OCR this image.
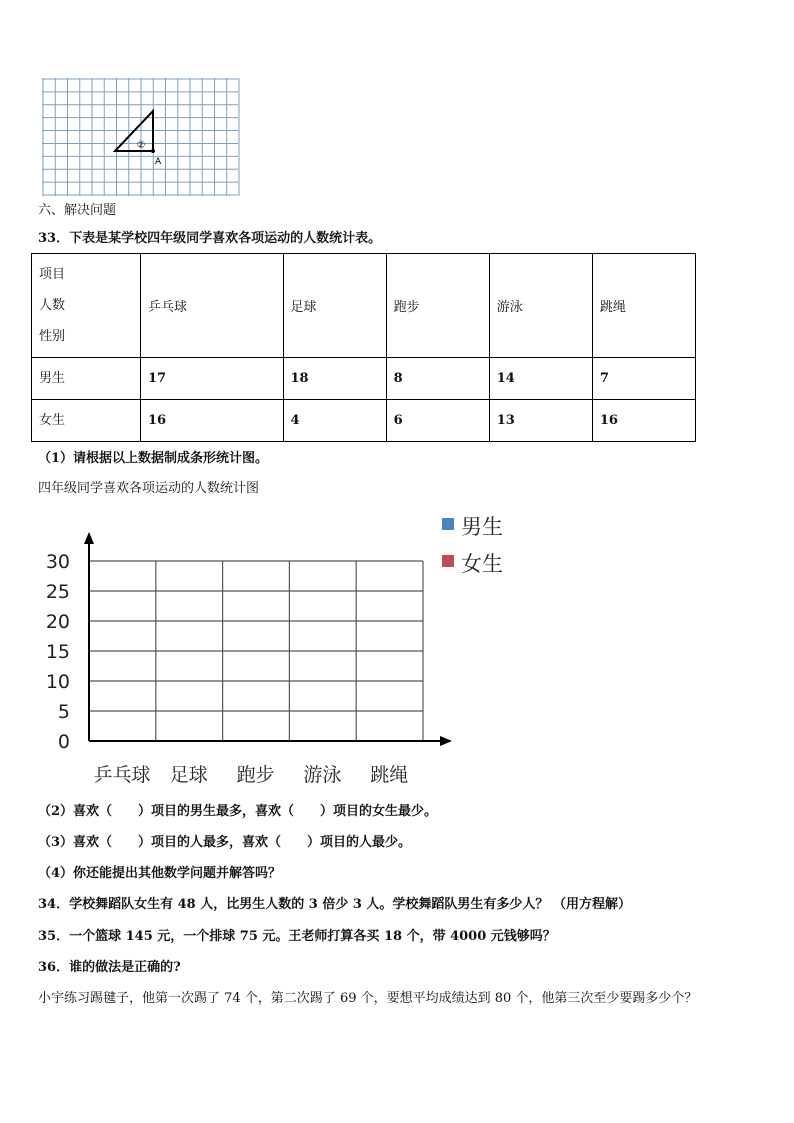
②
A
六、解决问题
33．下表是某学校四年级同学喜欢各项运动的人数统计表。
项目
人数
性别	乒乓球	足球	跑步	游泳	跳绳
男生	17	18	8	14	7
女生	16	4	6	13	16
（1）请根据以上数据制成条形统计图。
四年级同学喜欢各项运动的人数统计图
0
5
10
15
20
25
30
乒乓球 足球 跑步 游泳 跳绳
男生
女生
（2）喜欢（　　）项目的男生最多，喜欢（　　）项目的女生最少。
（3）喜欢（　　）项目的人最多，喜欢（　　）项目的人最少。
（4）你还能提出其他数学问题并解答吗？
34．学校舞蹈队女生有 48 人，比男生人数的 3 倍少 3 人。学校舞蹈队男生有多少人？ （用方程解）
35．一个篮球 145 元，一个排球 75 元。王老师打算各买 18 个，带 4000 元钱够吗？
36．谁的做法是正确的?
小宇练习踢毽子，他第一次踢了 74 个，第二次踢了 69 个，要想平均成绩达到 80 个，他第三次至少要踢多少个？
